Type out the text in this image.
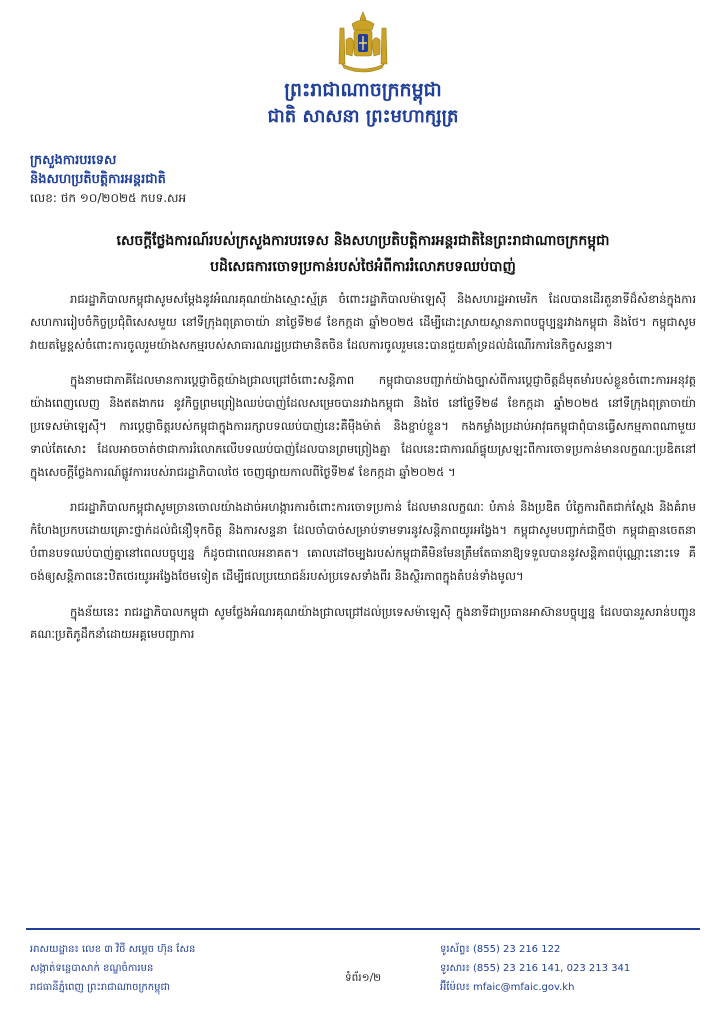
ព្រះរាជាណាចក្រកម្ពុជា
ជាតិ សាសនា ព្រះមហាក្សត្រ
ក្រសួងការបរទេស
និងសហប្រតិបត្តិការអន្តរជាតិ
លេខ: ថក ១០/២០២៥ កបទ.សអ
សេចក្តីថ្លែងការណ៍របស់ក្រសួងការបរទេស និងសហប្រតិបត្តិការអន្តរជាតិនៃព្រះរាជាណាចក្រកម្ពុជា
បដិសេធការចោទប្រកាន់របស់ថៃអំពីការរំលោភបទឈប់បាញ់

រាជរដ្ឋាភិបាលកម្ពុជាសូមសម្តែងនូវអំណរគុណយ៉ាងស្មោះស្ម័គ្រ ចំពោះរដ្ឋាភិបាលម៉ាឡេស៊ី និងសហរដ្ឋអាមេរិក ដែលបានដើរតួនាទីដ៏សំខាន់ក្នុងការសហការរៀបចំកិច្ចប្រជុំពិសេសមួយ នៅទីក្រុងពុត្រាចាយ៉ា នាថ្ងៃទី២៨ ខែកក្កដា ឆ្នាំ២០២៥ ដើម្បីដោះស្រាយស្ថានភាពបច្ចុប្បន្នរវាងកម្ពុជា និងថៃ។ កម្ពុជាសូមវាយតម្លៃខ្ពស់ចំពោះការចូលរួមយ៉ាងសកម្មរបស់សាធារណរដ្ឋប្រជាមានិតចិន ដែលការចូលរួមនេះបានជួយគាំទ្រដល់ដំណើរការនៃកិច្ចសន្ទនា។

ក្នុងនាមជាភាគីដែលមានការប្តេជ្ញាចិត្តយ៉ាងជ្រាលជ្រៅចំពោះសន្តិភាព កម្ពុជាបានបញ្ជាក់យ៉ាងច្បាស់ពីការប្តេជ្ញាចិត្តដ៏មុតមាំរបស់ខ្លួនចំពោះការអនុវត្តយ៉ាងពេញលេញ និងឥតងាករេ នូវកិច្ចព្រមព្រៀងឈប់បាញ់ដែលសម្រេចបានរវាងកម្ពុជា និងថៃ នៅថ្ងៃទី២៨ ខែកក្កដា ឆ្នាំ២០២៥ នៅទីក្រុងពុត្រាចាយ៉ា ប្រទេសម៉ាឡេស៊ី។ ការប្តេជ្ញាចិត្តរបស់កម្ពុជាក្នុងការរក្សាបទឈប់បាញ់នេះគឺម៉ឺងម៉ាត់ និងខ្ជាប់ខ្ជួន។ កងកម្លាំងប្រដាប់អាវុធកម្ពុជាពុំបានធ្វើសកម្មភាពណាមួយទាល់តែសោះ ដែលអាចចាត់ថាជាការរំលោភលើបទឈប់បាញ់ដែលបានព្រមព្រៀងគ្នា ដែលនេះជាការណ៍ផ្ទុយស្រឡះពីការចោទប្រកាន់មានលក្ខណៈប្រឌិតនៅក្នុងសេចក្តីថ្លែងការណ៍ផ្លូវការរបស់រាជរដ្ឋាភិបាលថៃ ចេញផ្សាយកាលពីថ្ងៃទី២៩ ខែកក្កដា ឆ្នាំ២០២៥ ។

រាជរដ្ឋាភិបាលកម្ពុជាសូមច្រានចោលយ៉ាងដាច់អហង្ការការចំពោះការចោទប្រកាន់ ដែលមានលក្ខណៈ បំភាន់ និងប្រឌិត បំភ្លៃការពិតជាក់ស្តែង និងគំរាមកំហែងប្រកបដោយគ្រោះថ្នាក់ដល់ជំនឿទុកចិត្ត និងការសន្ទនា ដែលចាំបាច់សម្រាប់ទាមទារនូវសន្តិភាពយូរអង្វែង។ កម្ពុជាសូមបញ្ជាក់ជាថ្មីថា កម្ពុជាគ្មានចេតនាបំពានបទឈប់បាញ់គ្នានៅពេលបច្ចុប្បន្ន ក៏ដូចជាពេលអនាគត។ គោលដៅចម្បងរបស់កម្ពុជាគឺមិនមែនត្រឹមតែធានាឱ្យទទួលបាននូវសន្តិភាពប៉ុណ្ណោះនោះទេ គឺចង់ឲ្យសន្តិភាពនេះឋិតថេរយូរអង្វែងថែមទៀត ដើម្បីផលប្រយោជន៍របស់ប្រទេសទាំងពីរ និងស្ថិរភាពក្នុងតំបន់ទាំងមូល។

ក្នុងន័យនេះ រាជរដ្ឋាភិបាលកម្ពុជា សូមថ្លែងអំណរគុណយ៉ាងជ្រាលជ្រៅដល់ប្រទេសម៉ាឡេស៊ី ក្នុងនាទីជាប្រធានអាស៊ានបច្ចុប្បន្ន ដែលបានរួសរាន់បញ្ជូនគណៈប្រតិភូដឹកនាំដោយអគ្គមេបញ្ជាការ

អាសយដ្ឋាន៖ លេខ ៣ វិថី សម្តេច ហ៊ុន សែន
សង្កាត់ទន្លេបាសាក់ ខណ្ឌចំការមន
រាជធានីភ្នំពេញ ព្រះរាជាណាចក្រកម្ពុជា
ទំព័រ១/២
ទូរស័ព្ទ៖ (855) 23 216 122
ទូរសារ៖ (855) 23 216 141, 023 213 341
អ៊ីម៉ែល៖ mfaic@mfaic.gov.kh
